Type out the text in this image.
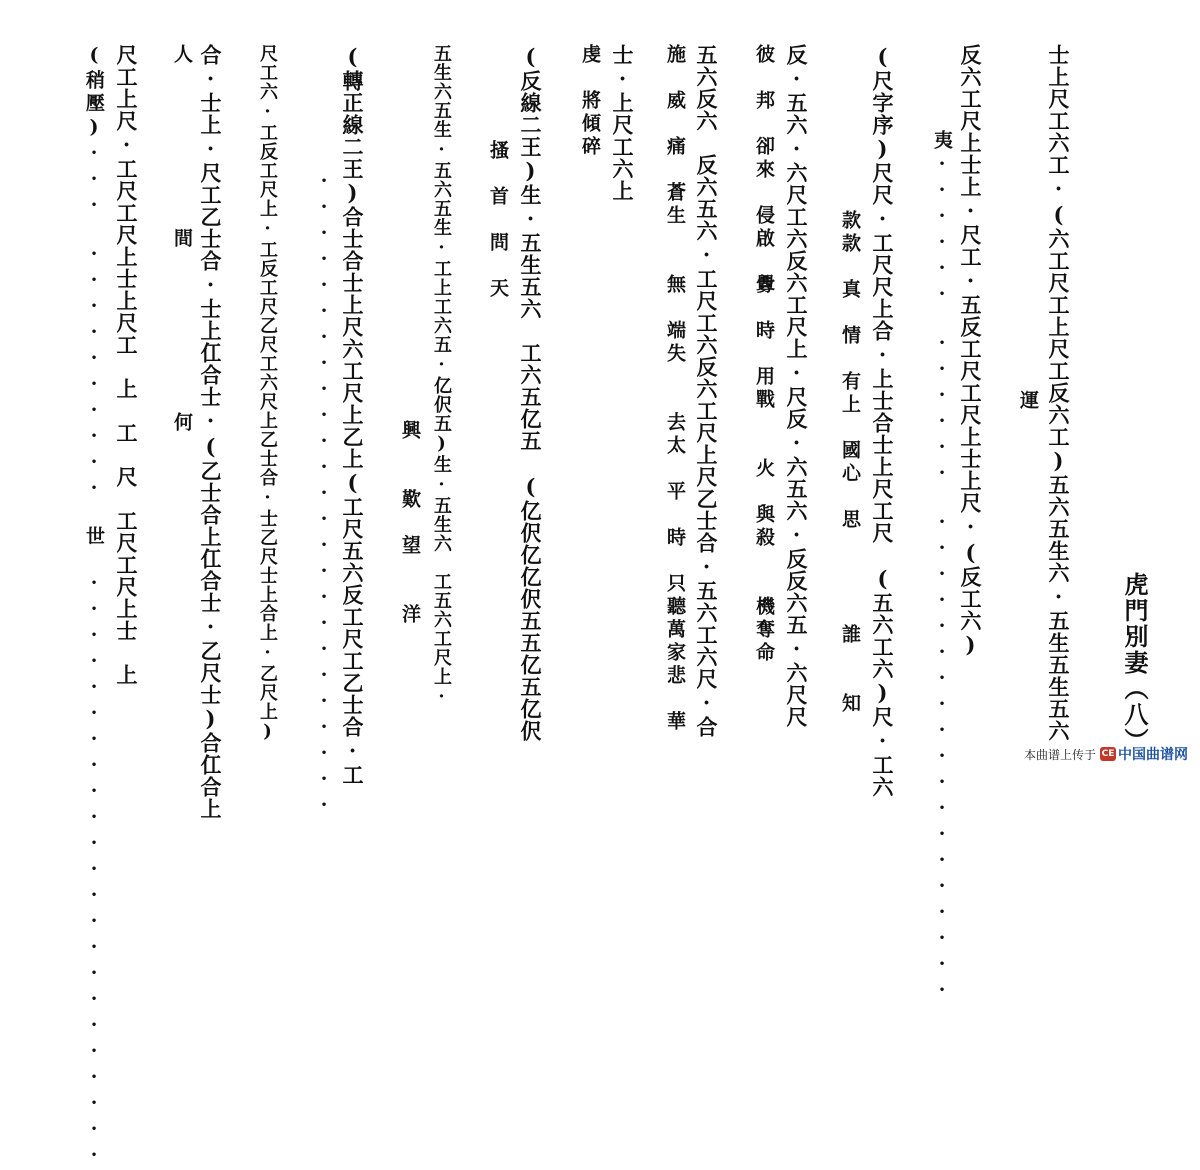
虎門別妻（八）
士上尺工六工·(六工尺工上尺工反六工)五六五生六·五生五生五六
運
反六工尺上士上·尺工·五反工尺工尺上士上尺·(反工六)
夷······　······　···················
(尺字序)尺尺·工尺尺上合·上士合士上尺工尺　(五六工六)尺·工六
款款　真　情　有上　國心　思　　　　誰　　知
反·五六·六尺工六反六工尺上·尺反·六五六·反反六五·六尺尺
彼　邦　卻來　侵啟　釁　時　用戰　　火　與殺　　機奪命
五六反六　反六五六·工尺工六反六工尺上尺乙士合·五六工六尺·合
施　威　痛　蒼生　　無　端失　　去太　平　時　只聽萬家悲　華
士·上尺工六上
虔　將傾碎
(反線二王)生·五生五六　工六五亿五　(亿伬亿亿伬五五亿五亿伬
搔　首　問　天
五生六五生·五六五生·工上工六五·亿伬五)生·五生六　工五六工尺上·
興　　歎　望　　洋
(轉正線二王)合士合士上尺六工尺上乙上(工尺五六反工尺工乙士合·工
·························
尺工六·工反工尺上·工反工尺乙尺工六尺上乙士合·士乙尺士上合上·乙尺上)
合·士上·尺工乙士合·士上仜合士·(乙士合上仜合士·乙尺士)合仜合上
人　　　　　　　間　　　　　　　何
尺工上尺·工尺工尺上士上尺工　上　工　尺　工尺工尺上士　上
(稍壓)···　··········　世　·······················	本曲谱上传于 CE 中国曲谱网
